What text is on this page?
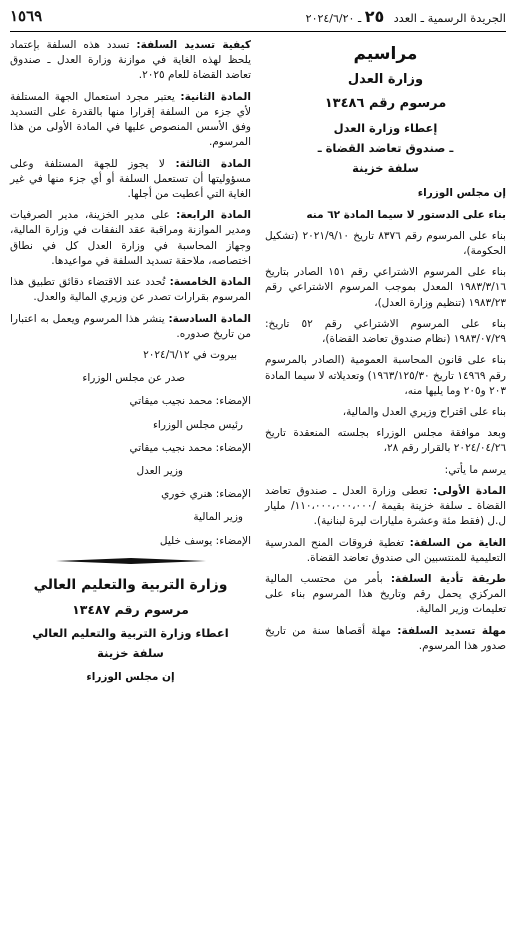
الجريدة الرسمية ـ العدد ٢٥ ـ ٢٠٢٤/٦/٢٠
١٥٦٩
مراسيم
وزارة العدل
مرسوم رقم ١٣٤٨٦
إعطاء وزارة العدل
ـ صندوق تعاضد القضاة ـ
سلفة خزينة

إن مجلس الوزراء

بناء على الدستور لا سيما المادة ٦٢ منه

بناء على المرسوم رقم ٨٣٧٦ تاريخ ٢٠٢١/٩/١٠ (تشكيل الحكومة)،

بناء على المرسوم الاشتراعي رقم ١٥١ الصادر بتاريخ ١٩٨٣/٣/١٦ المعدل بموجب المرسوم الاشتراعي رقم ١٩٨٣/٢٣ (تنظيم وزارة العدل)،

بناء على المرسوم الاشتراعي رقم ٥٢ تاريخ: ١٩٨٣/٠٧/٢٩ (نظام صندوق تعاضد القضاة)،

بناء على قانون المحاسبة العمومية (الصادر بالمرسوم رقم ١٤٩٦٩ تاريخ ١٩٦٣/١٢٥/٣٠) وتعديلاته لا سيما المادة ٢٠٣ و٢٠٥ وما يليها منه،

بناء على اقتراح وزيري العدل والمالية،

وبعد موافقة مجلس الوزراء بجلسته المنعقدة تاريخ ٢٠٢٤/٠٤/٢٦ بالقرار رقم ٢٨،

يرسم ما يأتي:

المادة الأولى: تعطى وزارة العدل ـ صندوق تعاضد القضاة ـ سلفة خزينة بقيمة /١١٠،٠٠٠،٠٠٠،٠٠٠/ مليار ل.ل (فقط مئة وعشرة مليارات ليرة لبنانية).

الغاية من السلفة: تغطية فروقات المنح المدرسية التعليمية للمنتسبين الى صندوق تعاضد القضاة.

طريقة تأدية السلفة: بأمر من محتسب المالية المركزي يحمل رقم وتاريخ هذا المرسوم بناء على تعليمات وزير المالية.

مهلة تسديد السلفة: مهلة أقصاها سنة من تاريخ صدور هذا المرسوم.

كيفية تسديد السلفة: تسدد هذه السلفة بإعتماد يلحظ لهذه الغاية في موازنة وزارة العدل ـ صندوق تعاضد القضاة للعام ٢٠٢٥.

المادة الثانية: يعتبر مجرد استعمال الجهة المستلفة لأي جزء من السلفة إقرارا منها بالقدرة على التسديد وفق الأسس المنصوص عليها في المادة الأولى من هذا المرسوم.

المادة الثالثة: لا يجوز للجهة المستلفة وعلى مسؤوليتها أن تستعمل السلفة أو أي جزء منها في غير الغاية التي أعطيت من أجلها.

المادة الرابعة: على مدير الخزينة، مدير الصرفيات ومدير الموازنة ومراقبة عقد النفقات في وزارة المالية، وجهاز المحاسبة في وزارة العدل كل في نطاق اختصاصه، ملاحقة تسديد السلفة في مواعيدها.

المادة الخامسة: تُحدد عند الاقتضاء دقائق تطبيق هذا المرسوم بقرارات تصدر عن وزيري المالية والعدل.

المادة السادسة: ينشر هذا المرسوم ويعمل به اعتبارا من تاريخ صدوره.

بيروت في ٢٠٢٤/٦/١٢

صدر عن مجلس الوزراء

الإمضاء: محمد نجيب ميقاتي

رئيس مجلس الوزراء

الإمضاء: محمد نجيب ميقاتي

وزير العدل

الإمضاء: هنري خوري

وزير المالية

الإمضاء: يوسف خليل

وزارة التربية والتعليم العالي
مرسوم رقم ١٣٤٨٧
اعطاء وزارة التربية والتعليم العالي
سلفة خزينة

إن مجلس الوزراء
